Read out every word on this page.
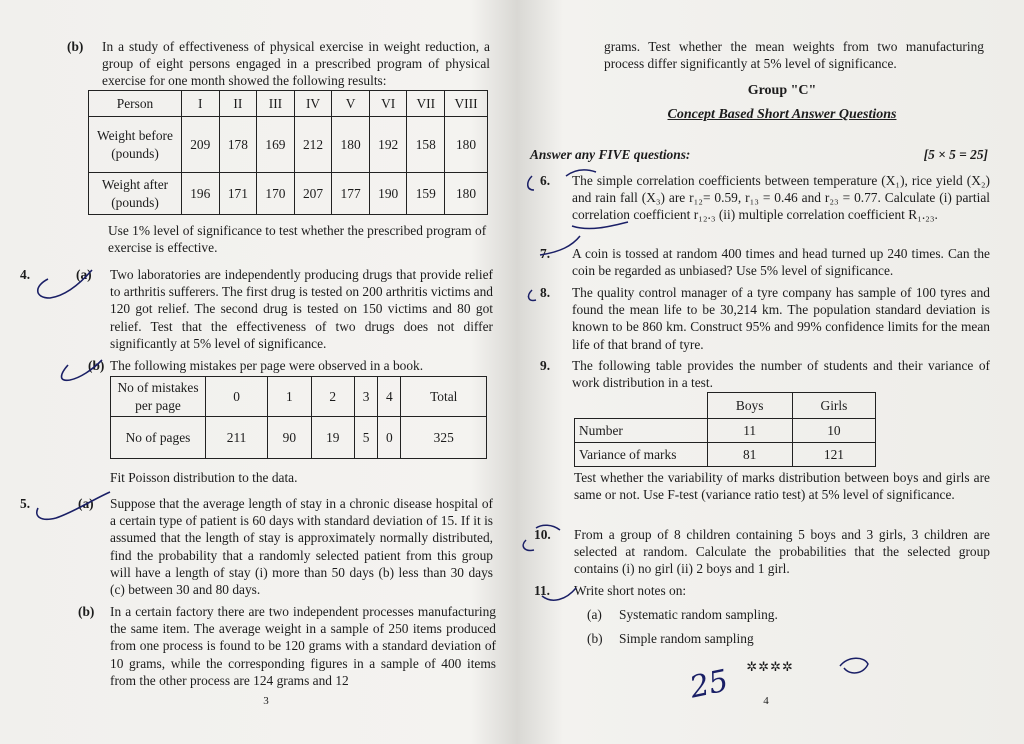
(b) In a study of effectiveness of physical exercise in weight reduction, a group of eight persons engaged in a prescribed program of physical exercise for one month showed the following results:
Person	I	II	III	IV	V	VI	VII	VIII
Weight before (pounds)	209	178	169	212	180	192	158	180
Weight after (pounds)	196	171	170	207	177	190	159	180
Use 1% level of significance to test whether the prescribed program of exercise is effective.
4.	(a) Two laboratories are independently producing drugs that provide relief to arthritis sufferers. The first drug is tested on 200 arthritis victims and 120 got relief. The second drug is tested on 150 victims and 80 got relief. Test that the effectiveness of two drugs does not differ significantly at 5% level of significance.
(b) The following mistakes per page were observed in a book.
No of mistakes per page	0	1	2	3	4	Total
No of pages	211	90	19	5	0	325
Fit Poisson distribution to the data.
5.	(a) Suppose that the average length of stay in a chronic disease hospital of a certain type of patient is 60 days with standard deviation of 15. If it is assumed that the length of stay is approximately normally distributed, find the probability that a randomly selected patient from this group will have a length of stay (i) more than 50 days (b) less than 30 days (c) between 30 and 80 days.
(b) In a certain factory there are two independent processes manufacturing the same item. The average weight in a sample of 250 items produced from one process is found to be 120 grams with a standard deviation of 10 grams, while the corresponding figures in a sample of 400 items from the other process are 124 grams and 12
3
grams. Test whether the mean weights from two manufacturing process differ significantly at 5% level of significance.
Group "C"
Concept Based Short Answer Questions
Answer any FIVE questions:	[5 × 5 = 25]
6. The simple correlation coefficients between temperature (X₁), rice yield (X₂) and rain fall (X₃) are r₁₂= 0.59, r₁₃ = 0.46 and r₂₃ = 0.77. Calculate (i) partial correlation coefficient r₁₂.₃ (ii) multiple correlation coefficient R₁.₂₃.
7. A coin is tossed at random 400 times and head turned up 240 times. Can the coin be regarded as unbiased? Use 5% level of significance.
8. The quality control manager of a tyre company has sample of 100 tyres and found the mean life to be 30,214 km. The population standard deviation is known to be 860 km. Construct 95% and 99% confidence limits for the mean life of that brand of tyre.
9. The following table provides the number of students and their variance of work distribution in a test.
	Boys	Girls
Number	11	10
Variance of marks	81	121
Test whether the variability of marks distribution between boys and girls are same or not. Use F-test (variance ratio test) at 5% level of significance.
10. From a group of 8 children containing 5 boys and 3 girls, 3 children are selected at random. Calculate the probabilities that the selected group contains (i) no girl (ii) 2 boys and 1 girl.
11. Write short notes on:
(a) Systematic random sampling.
(b) Simple random sampling
✲✲✲✲
4
25
